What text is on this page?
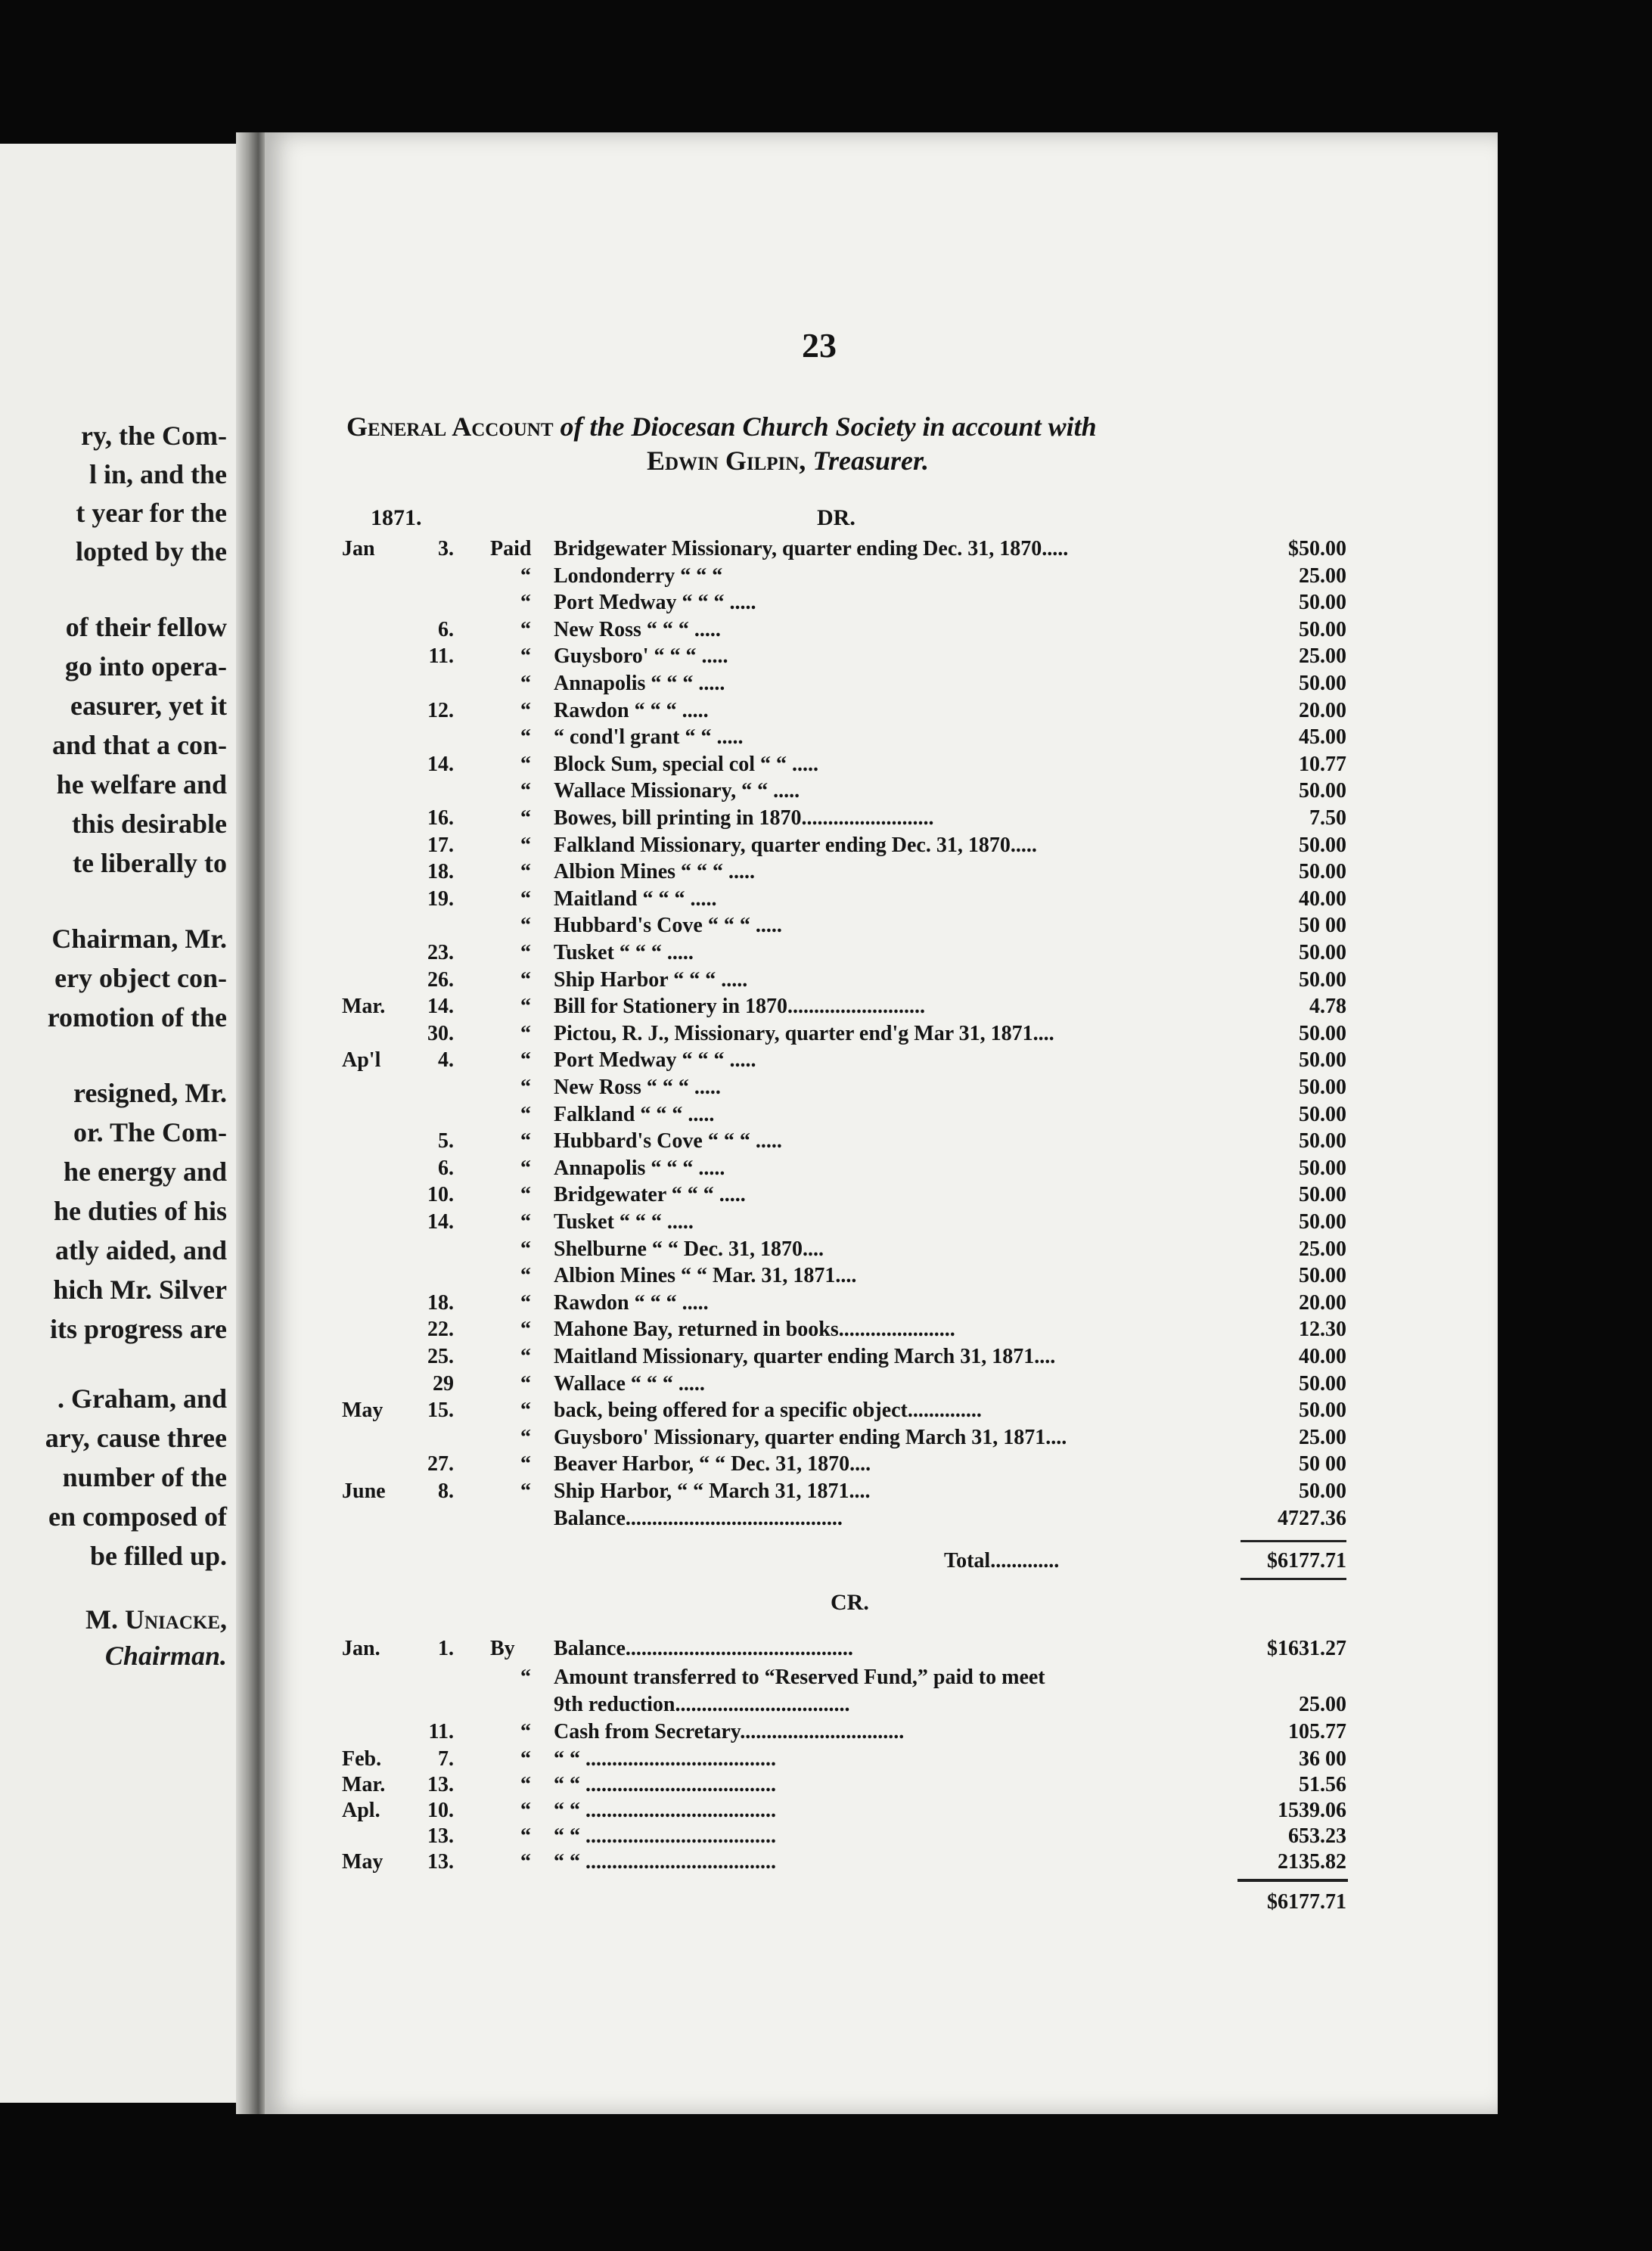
ry, the Com-
l in, and the
t year for the
lopted by the
of their fellow
go into opera-
easurer, yet it
and that a con-
he welfare and
this desirable
te liberally to
Chairman, Mr.
ery object con-
romotion of the
resigned, Mr.
or. The Com-
he energy and
he duties of his
atly aided, and
hich Mr. Silver
its progress are
. Graham, and
ary, cause three
number of the
en composed of
be filled up.
M. Uniacke,
Chairman.
23
General Account of the Diocesan Church Society in account with
Edwin Gilpin, Treasurer.
1871.	DR.
Jan	3. Paid Bridgewater Missionary, quarter ending Dec. 31, 1870.....	$50.00
“ Londonderry “ “ “	25.00
“ Port Medway “ “ “ .....	50.00
6.	“ New Ross “ “ “ .....	50.00
11.	“ Guysboro' “ “ “ .....	25.00
“ Annapolis “ “ “ .....	50.00
12.	“ Rawdon “ “ “ .....	20.00
“ “ cond'l grant “ “ .....	45.00
14.	“ Block Sum, special col “ “ .....	10.77
“ Wallace Missionary, “ “ .....	50.00
16.	“ Bowes, bill printing in 1870.........................	7.50
17.	“ Falkland Missionary, quarter ending Dec. 31, 1870.....	50.00
18.	“ Albion Mines “ “ “ .....	50.00
19.	“ Maitland “ “ “ .....	40.00
“ Hubbard's Cove “ “ “ .....	50 00
23.	“ Tusket “ “ “ .....	50.00
26.	“ Ship Harbor “ “ “ .....	50.00
Mar.	14.	“ Bill for Stationery in 1870..........................	4.78
30.	“ Pictou, R. J., Missionary, quarter end'g Mar 31, 1871....	50.00
Ap'l	4.	“ Port Medway “ “ “ .....	50.00
“ New Ross “ “ “ .....	50.00
“ Falkland “ “ “ .....	50.00
5.	“ Hubbard's Cove “ “ “ .....	50.00
6.	“ Annapolis “ “ “ .....	50.00
10.	“ Bridgewater “ “ “ .....	50.00
14.	“ Tusket “ “ “ .....	50.00
“ Shelburne “ “ Dec. 31, 1870....	25.00
“ Albion Mines “ “ Mar. 31, 1871....	50.00
18.	“ Rawdon “ “ “ .....	20.00
22.	“ Mahone Bay, returned in books......................	12.30
25.	“ Maitland Missionary, quarter ending March 31, 1871....	40.00
29	“ Wallace “ “ “ .....	50.00
May	15.	“ back, being offered for a specific object..............	50.00
“ Guysboro' Missionary, quarter ending March 31, 1871....	25.00
27.	“ Beaver Harbor, “ “ Dec. 31, 1870....	50 00
June	8.	“ Ship Harbor, “ “ March 31, 1871....	50.00
Balance.........................................	4727.36
Total.............	$6177.71
CR.
Jan.	1. By Balance...........................................	$1631.27
“ Amount transferred to “Reserved Fund,” paid to meet
9th reduction.................................	25.00
11.	“ Cash from Secretary...............................	105.77
Feb.	7.	“ “ “ ....................................	36 00
Mar.	13.	“ “ “ ....................................	51.56
Apl.	10.	“ “ “ ....................................	1539.06
13.	“ “ “ ....................................	653.23
May	13.	“ “ “ ....................................	2135.82
$6177.71
